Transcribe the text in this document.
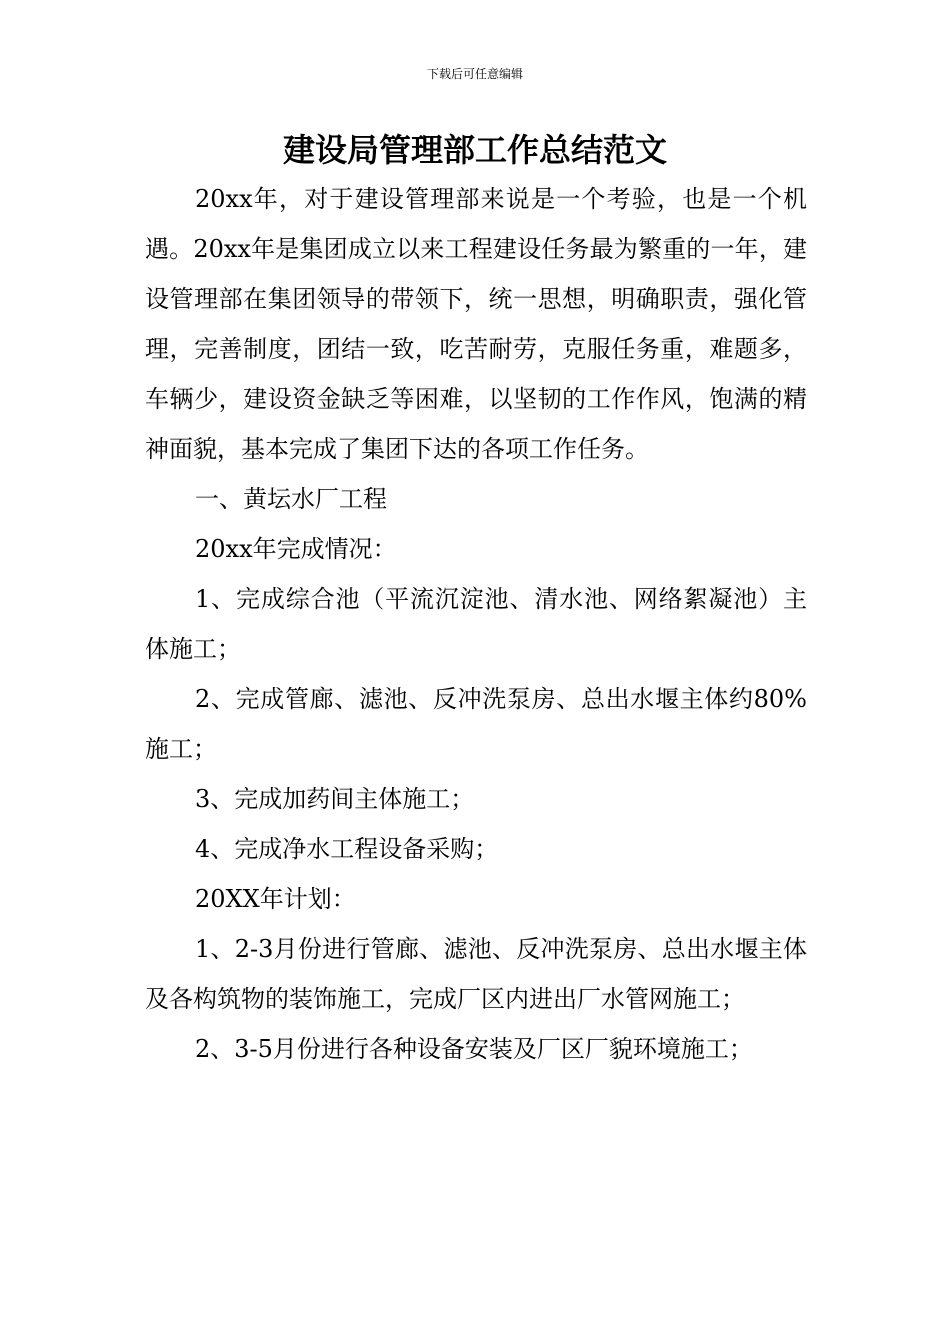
下载后可任意编辑
建设局管理部工作总结范文

20xx年，对于建设管理部来说是一个考验，也是一个机遇。20xx年是集团成立以来工程建设任务最为繁重的一年，建设管理部在集团领导的带领下，统一思想，明确职责，强化管理，完善制度，团结一致，吃苦耐劳，克服任务重，难题多，车辆少，建设资金缺乏等困难，以坚韧的工作作风，饱满的精神面貌，基本完成了集团下达的各项工作任务。

一、黄坛水厂工程

20xx年完成情况：

1、完成综合池（平流沉淀池、清水池、网络絮凝池）主体施工；

2、完成管廊、滤池、反冲洗泵房、总出水堰主体约80%施工；

3、完成加药间主体施工；

4、完成净水工程设备采购；

20XX年计划：

1、2-3月份进行管廊、滤池、反冲洗泵房、总出水堰主体及各构筑物的装饰施工，完成厂区内进出厂水管网施工；

2、3-5月份进行各种设备安装及厂区厂貌环境施工；
